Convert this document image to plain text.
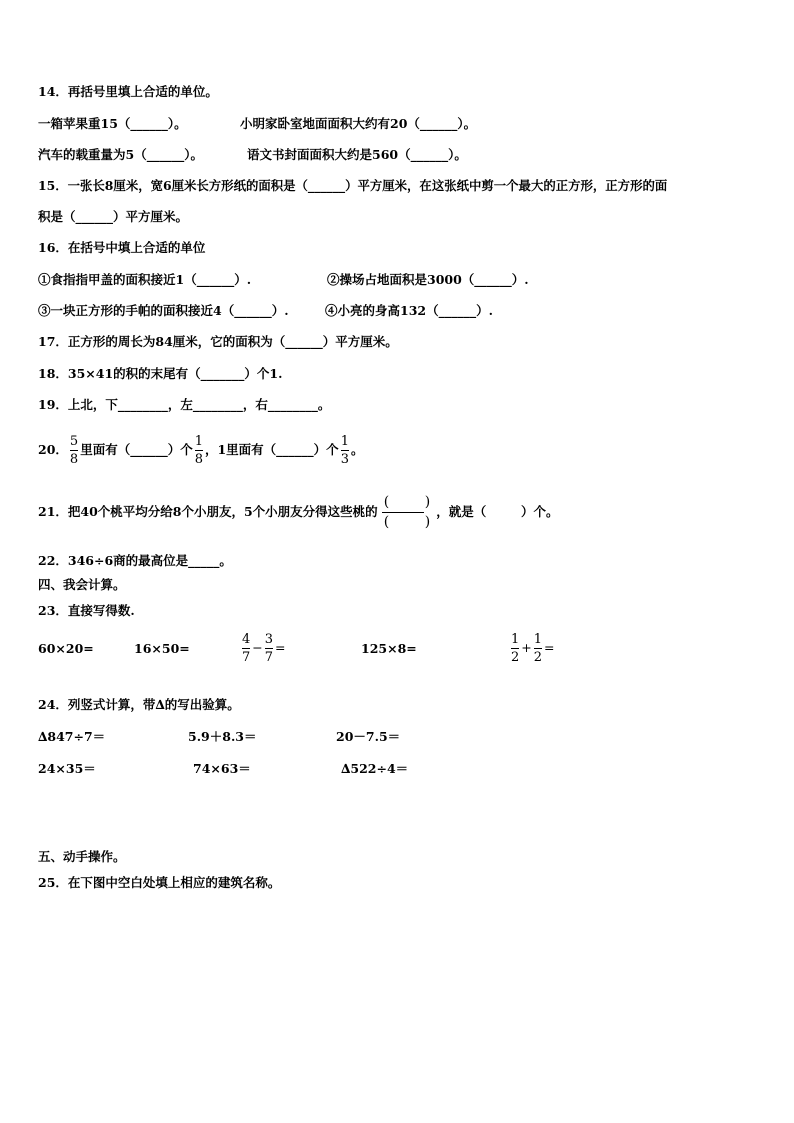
14．再括号里填上合适的单位。
一箱苹果重15（______）。	小明家卧室地面面积大约有20（______）。
汽车的载重量为5（______）。	语文书封面面积大约是560（______）。
15．一张长8厘米，宽6厘米长方形纸的面积是（______）平方厘米，在这张纸中剪一个最大的正方形，正方形的面
积是（______）平方厘米。
16．在括号中填上合适的单位
①食指指甲盖的面积接近1（______）.	②操场占地面积是3000（______）.
③一块正方形的手帕的面积接近4（______）.	④小亮的身高132（______）.
17．正方形的周长为84厘米，它的面积为（______）平方厘米。
18．35×41的积的末尾有（_______）个1.
19．上北，下________，左________，右________。
20． $\frac{5}{8}$ 里面有（______）个 $\frac{1}{8}$ ，1里面有（______）个 $\frac{1}{3}$ 。
21．把40个桃平均分给8个小朋友，5个小朋友分得这些桃的
(        )
(        )
，就是（        ）个。
22．346÷6商的最高位是_____。
四、我会计算。
23．直接写得数.
60×20=	16×50=	$\frac{4}{7} - \frac{3}{7}$ =	125×8=	$\frac{1}{2} + \frac{1}{2}$ =
24．列竖式计算，带∆的写出验算。
∆847÷7＝	5.9＋8.3＝	20－7.5＝
24×35＝	74×63＝	∆522÷4＝
五、动手操作。
25．在下图中空白处填上相应的建筑名称。
